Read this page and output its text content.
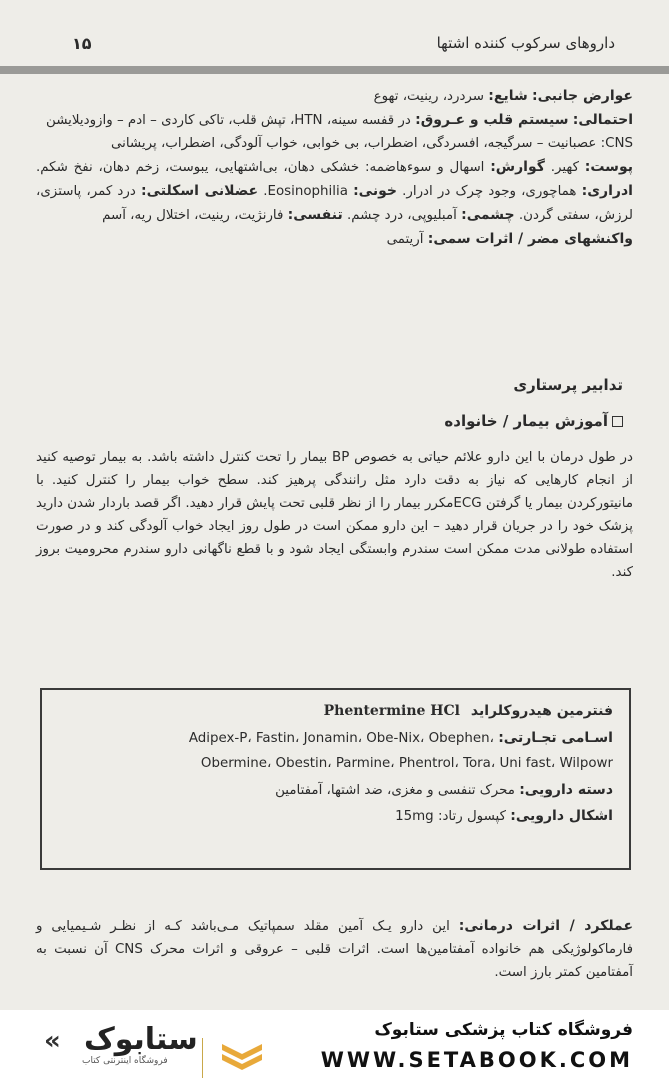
۱۵	داروهای سرکوب کننده اشتها
عوارض جانبی: شایع: سردرد، رینیت، تهوع
احتمالی: سیستم قلب و عـروق: در قفسه سینه، HTN، تپش قلب، تاکی کاردی – ادم – وازودیلایشن
CNS: عصبانیت – سرگیجه، افسردگی، اضطراب، بی خوابی، خواب آلودگی، اضطراب، پریشانی
پوست: کهیر. گوارش: اسهال و سوءهاضمه: خشکی دهان، بی‌اشتهایی، یبوست، زخم دهان، نفخ شکم. ادراری: هماچوری، وجود چرک در ادرار. خونی: Eosinophilia. عضلانی اسکلتی: درد کمر، پاستزی، لرزش، سفتی گردن. چشمی: آمبلیوپی، درد چشم. تنفسی: فارنژیت، رینیت، اختلال ریه، آسم
واکنشهای مضر / اثرات سمی: آریتمی
تدابیر پرستاری
آموزش بیمار / خانواده
در طول درمان با این دارو علائم حیاتی به خصوص BP بیمار را تحت کنترل داشته باشد. به بیمار توصیه کنید از انجام کارهایی که نیاز به دقت دارد مثل رانندگی پرهیز کند. سطح خواب بیمار را کنترل کنید. با مانیتورکردن بیمار یا گرفتن ECGمکرر بیمار را از نظر قلبی تحت پایش قرار دهید. اگر قصد باردار شدن دارید پزشک خود را در جریان قرار دهید – این دارو ممکن است در طول روز ایجاد خواب آلودگی کند و در صورت استفاده طولانی مدت ممکن است سندرم وابستگی ایجاد شود و با قطع ناگهانی دارو سندرم محرومیت بروز کند.
فنترمین هیدروکلراید Phentermine HCl
اسـامی تجـارتی: Adipex-P، Fastin، Jonamin، Obe-Nix، Obephen،
Obermine، Obestin، Parmine، Phentrol، Tora، Uni fast، Wilpowr
دسته دارویی: محرک تنفسی و مغزی، ضد اشتها، آمفتامین
اشکال دارویی: کپسول رتاد: 15mg
عملکرد / اثرات درمانی: این دارو یـک آمین مقلد سمپاتیک مـی‌باشد کـه از نظـر شـیمیایی و فارماکولوژیکی هم خانواده آمفتامین‌ها است. اثرات قلبی – عروقی و اثرات محرک CNS آن نسبت به آمفتامین کمتر بارز است.
« ستابوک
فروشگاه اینترنتی کتاب
فروشگاه کتاب پزشکی ستابوک
WWW.SETABOOK.COM
